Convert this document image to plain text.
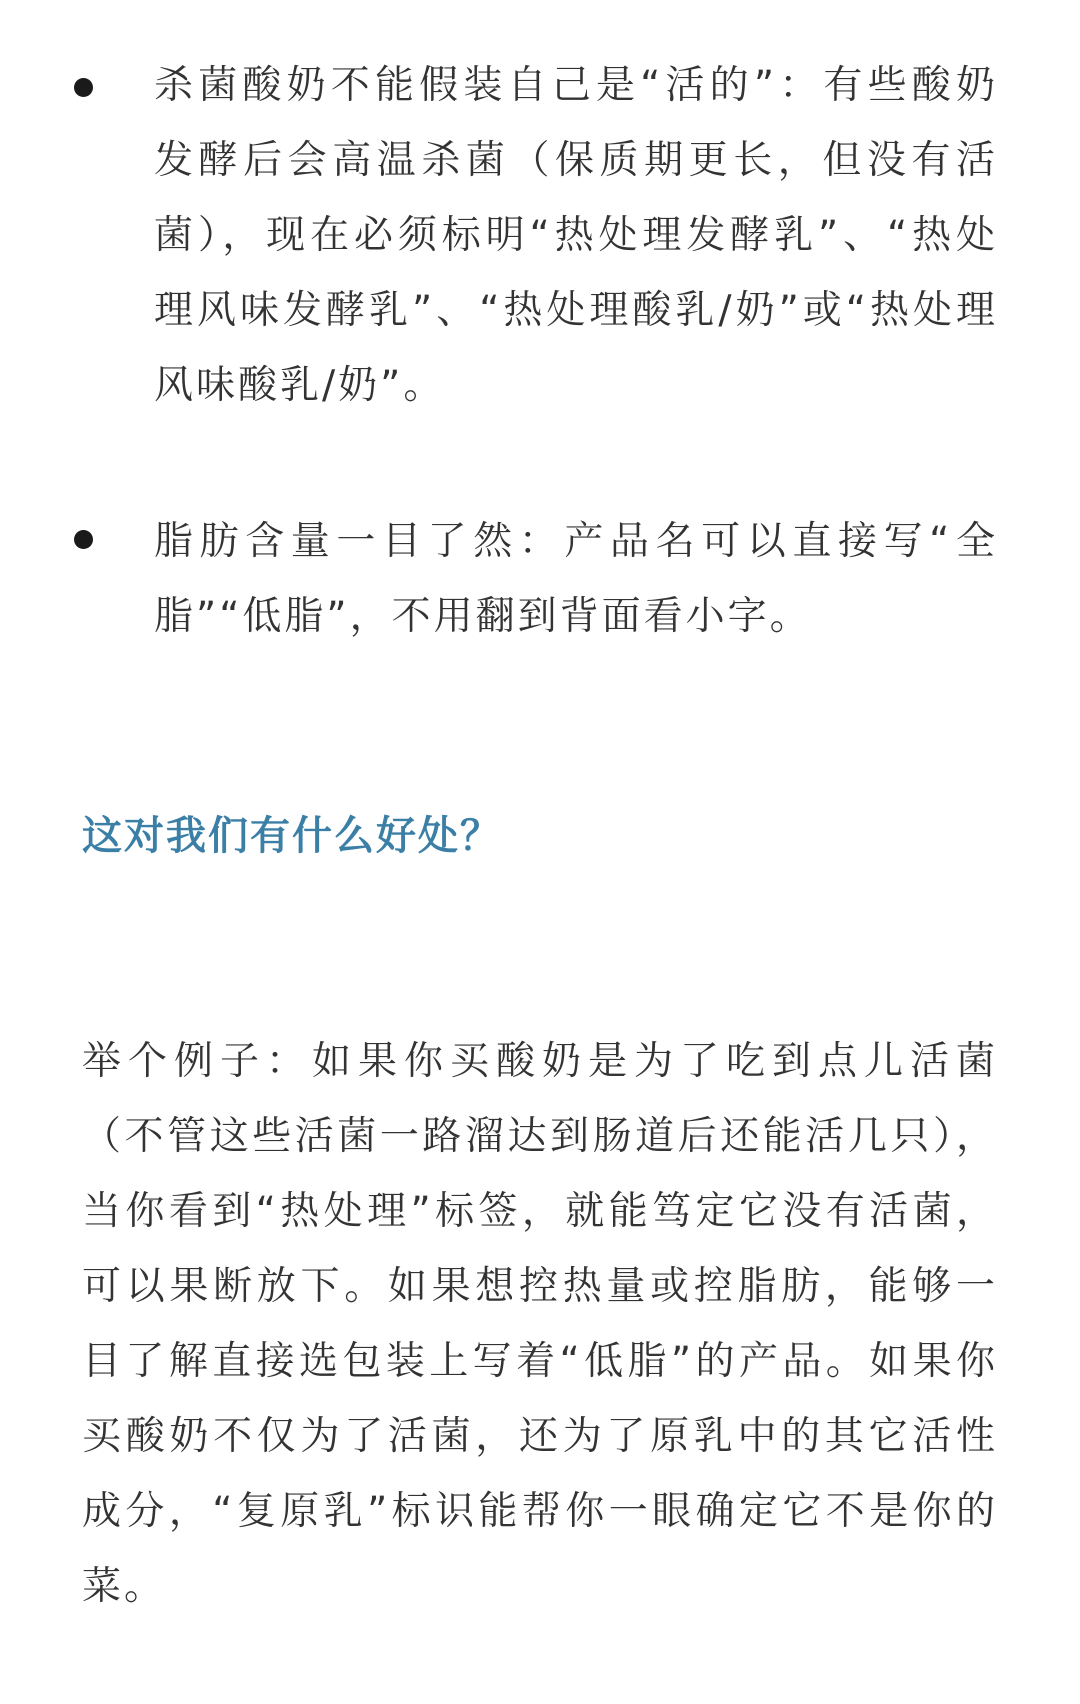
杀菌酸奶不能假装自己是“活的”：有些酸奶发酵后会高温杀菌（保质期更长，但没有活菌），现在必须标明“热处理发酵乳”、“热处理风味发酵乳”、“热处理酸乳/奶”或“热处理风味酸乳/奶”。

脂肪含量一目了然：产品名可以直接写“全脂”“低脂”，不用翻到背面看小字。

这对我们有什么好处？

举个例子：如果你买酸奶是为了吃到点儿活菌（不管这些活菌一路溜达到肠道后还能活几只），当你看到“热处理”标签，就能笃定它没有活菌，可以果断放下。如果想控热量或控脂肪，能够一目了解直接选包装上写着“低脂”的产品。如果你买酸奶不仅为了活菌，还为了原乳中的其它活性成分，“复原乳”标识能帮你一眼确定它不是你的菜。
